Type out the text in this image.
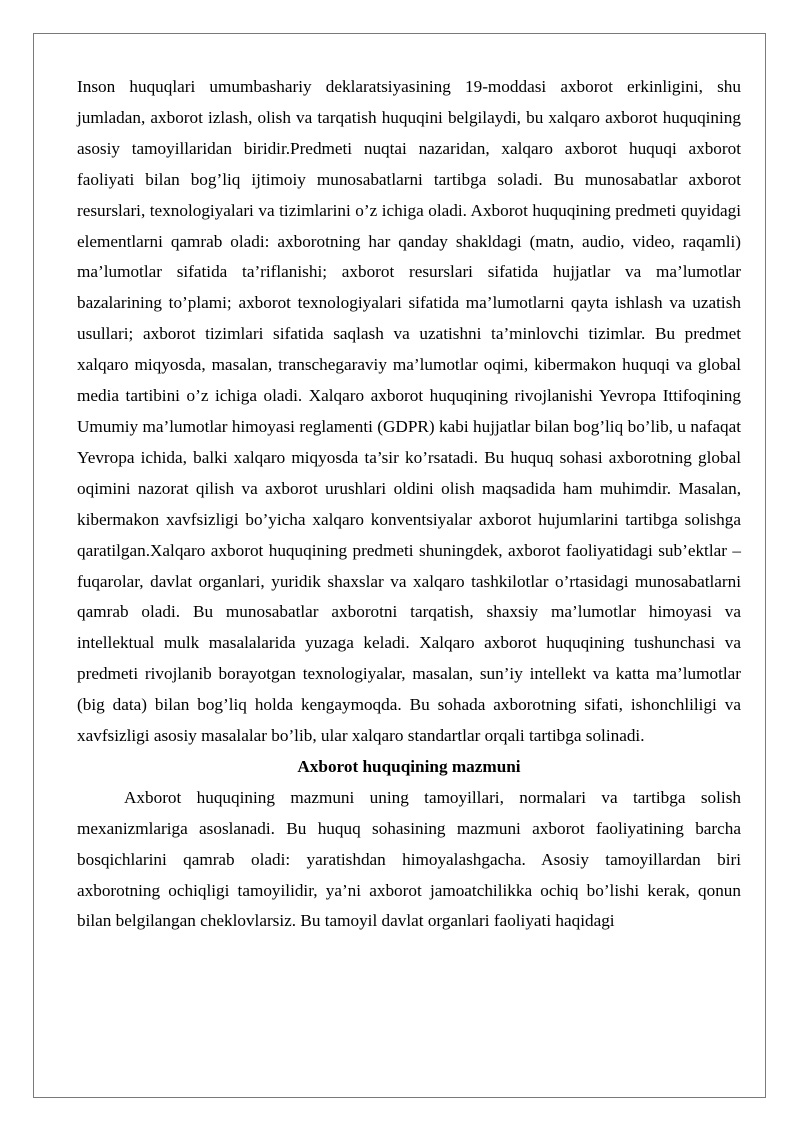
Inson huquqlari umumbashariy deklaratsiyasining 19-moddasi axborot erkinligini, shu jumladan, axborot izlash, olish va tarqatish huquqini belgilaydi, bu xalqaro axborot huquqining asosiy tamoyillaridan biridir.Predmeti nuqtai nazaridan, xalqaro axborot huquqi axborot faoliyati bilan bog’liq ijtimoiy munosabatlarni tartibga soladi. Bu munosabatlar axborot resurslari, texnologiyalari va tizimlarini o’z ichiga oladi. Axborot huquqining predmeti quyidagi elementlarni qamrab oladi: axborotning har qanday shakldagi (matn, audio, video, raqamli) ma’lumotlar sifatida ta’riflanishi; axborot resurslari sifatida hujjatlar va ma’lumotlar bazalarining to’plami; axborot texnologiyalari sifatida ma’lumotlarni qayta ishlash va uzatish usullari; axborot tizimlari sifatida saqlash va uzatishni ta’minlovchi tizimlar. Bu predmet xalqaro miqyosda, masalan, transchegaraviy ma’lumotlar oqimi, kibermakon huquqi va global media tartibini o’z ichiga oladi. Xalqaro axborot huquqining rivojlanishi Yevropa Ittifoqining Umumiy ma’lumotlar himoyasi reglamenti (GDPR) kabi hujjatlar bilan bog’liq bo’lib, u nafaqat Yevropa ichida, balki xalqaro miqyosda ta’sir ko’rsatadi. Bu huquq sohasi axborotning global oqimini nazorat qilish va axborot urushlari oldini olish maqsadida ham muhimdir. Masalan, kibermakon xavfsizligi bo’yicha xalqaro konventsiyalar axborot hujumlarini tartibga solishga qaratilgan.Xalqaro axborot huquqining predmeti shuningdek, axborot faoliyatidagi sub’ektlar – fuqarolar, davlat organlari, yuridik shaxslar va xalqaro tashkilotlar o’rtasidagi munosabatlarni qamrab oladi. Bu munosabatlar axborotni tarqatish, shaxsiy ma’lumotlar himoyasi va intellektual mulk masalalarida yuzaga keladi. Xalqaro axborot huquqining tushunchasi va predmeti rivojlanib borayotgan texnologiyalar, masalan, sun’iy intellekt va katta ma’lumotlar (big data) bilan bog’liq holda kengaymoqda. Bu sohada axborotning sifati, ishonchliligi va xavfsizligi asosiy masalalar bo’lib, ular xalqaro standartlar orqali tartibga solinadi.

Axborot huquqining mazmuni

Axborot huquqining mazmuni uning tamoyillari, normalari va tartibga solish mexanizmlariga asoslanadi. Bu huquq sohasining mazmuni axborot faoliyatining barcha bosqichlarini qamrab oladi: yaratishdan himoyalashgacha. Asosiy tamoyillardan biri axborotning ochiqligi tamoyilidir, ya’ni axborot jamoatchilikka ochiq bo’lishi kerak, qonun bilan belgilangan cheklovlarsiz. Bu tamoyil davlat organlari faoliyati haqidagi
